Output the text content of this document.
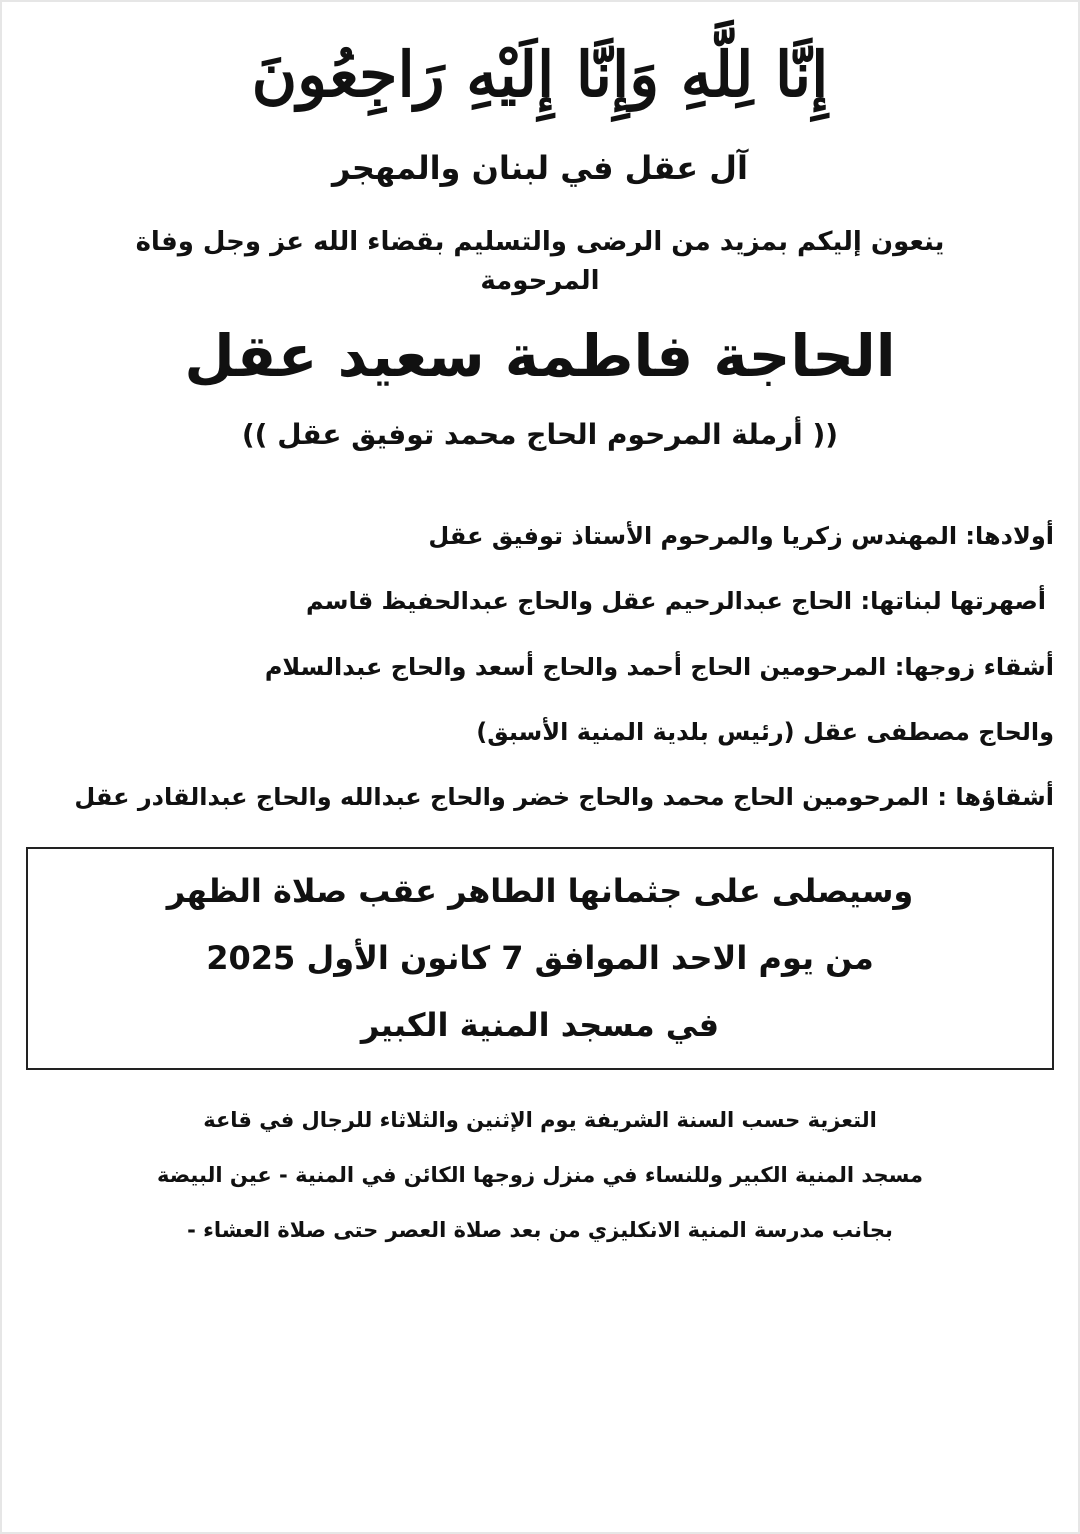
إِنَّا لِلَّهِ وَإِنَّا إِلَيْهِ رَاجِعُونَ
آل عقل في لبنان والمهجر
ينعون إليكم بمزيد من الرضى والتسليم بقضاء الله عز وجل وفاة
المرحومة
الحاجة فاطمة سعيد عقل
(( أرملة المرحوم الحاج محمد توفيق عقل ))
أولادها: المهندس زكريا والمرحوم الأستاذ توفيق عقل
أصهرتها لبناتها: الحاج عبدالرحيم عقل والحاج عبدالحفيظ قاسم
أشقاء زوجها: المرحومين الحاج أحمد والحاج أسعد والحاج عبدالسلام
والحاج مصطفى عقل (رئيس بلدية المنية الأسبق)
أشقاؤها : المرحومين الحاج محمد والحاج خضر والحاج عبدالله والحاج عبدالقادر عقل
وسيصلى على جثمانها الطاهر عقب صلاة الظهر
من يوم الاحد الموافق 7 كانون الأول 2025
في مسجد المنية الكبير
التعزية حسب السنة الشريفة يوم الإثنين والثلاثاء للرجال في قاعة
مسجد المنية الكبير وللنساء في منزل زوجها الكائن في المنية - عين البيضة
بجانب مدرسة المنية الانكليزي من بعد صلاة العصر حتى صلاة العشاء -
